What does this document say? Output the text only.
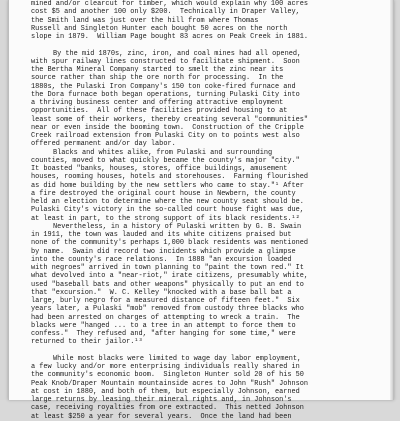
mined and/or clearcut for timber, which would explain why 100 acres
cost $5 and another 100 only $200.  Technically in Draper Valley,
the Smith land was just over the hill from where Thomas
Russell and Singleton Hunter each bought 50 acres on the north
slope in 1879.  William Page bought 83 acres on Peak Creek in 1881.
By the mid 1870s, zinc, iron, and coal mines had all opened,
with spur railway lines constructed to facilitate shipment.  Soon
the Bertha Mineral Company started to smelt the zinc near its
source rather than ship the ore north for processing.  In the
1880s, the Pulaski Iron Company's 150 ton coke-fired furnace and
the Dora furnace both began operations, turning Pulaski City into
a thriving business center and offering attractive employment
opportunities.  All of these facilities provided housing to at
least some of their workers, thereby creating several "communities"
near or even inside the booming town.  Construction of the Cripple
Creek railroad extension from Pulaski City on to points west also
offered permanent and/or day labor.
Blacks and whites alike, from Pulaski and surrounding
counties, moved to what quickly became the county's major "city."
It boasted "banks, houses, stores, office buildings, amusement
houses, rooming houses, hotels and storehouses.  Farming flourished
as did home building by the new settlers who came to stay."¹ After
a fire destroyed the original court house in Newbern, the county
held an election to determine where the new county seat should be.
Pulaski City's victory in the so-called court house fight was due,
at least in part, to the strong support of its black residents.¹²
Nevertheless, in a history of Pulaski written by G. B. Swain
in 1911, the town was lauded and its white citizens praised but
none of the community's perhaps 1,000 black residents was mentioned
by name.  Swain did record two incidents which provide a glimpse
into the county's race relations.  In 1888 "an excursion loaded
with negroes" arrived in town planning to "paint the town red." It
what devolved into a "near-riot," irate citizens, presumably white,
used "baseball bats and other weapons" physically to put an end to
that "excursion."  W. C. Kelley "knocked with a base ball bat a
large, burly negro for a measured distance of fifteen feet."  Six
years later, a Pulaski "mob" removed from custody three blacks who
had been arrested on charges of attempting to wreck a train.  The
blacks were "hanged ... to a tree in an attempt to force them to
confess."  They refused and, "after hanging for some time," were
returned to their jailor.¹³
While most blacks were limited to wage day labor employment,
a few lucky and/or more enterprising individuals really shared in
the community's economic boom.  Singleton Hunter sold 20 of his 50
Peak Knob/Draper Mountain mountainside acres to John "Rush" Johnson
at cost in 1880, and both of them, but especially Johnson, earned
large returns by leasing their mineral rights and, in Johnson's
case, receiving royalties from ore extracted.  This netted Johnson
at least $250 a year for several years.  Once the land had been
